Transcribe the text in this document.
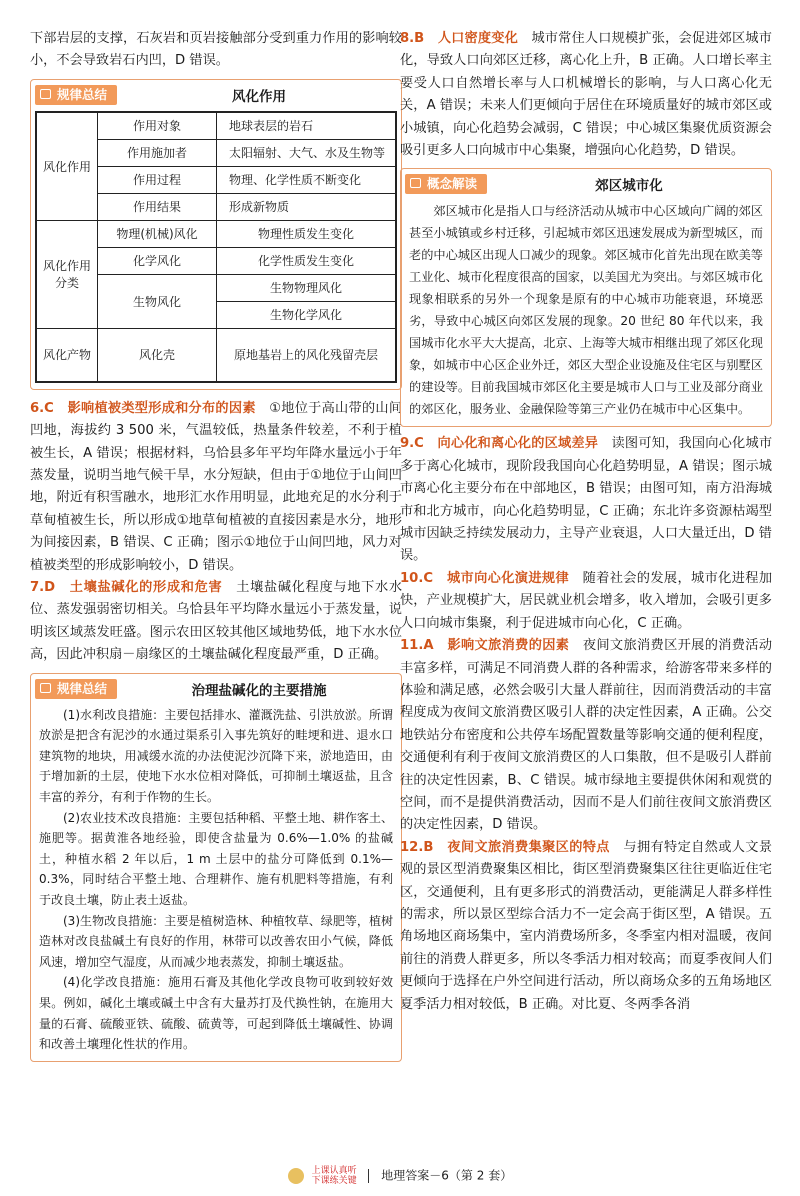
下部岩层的支撑，石灰岩和页岩接触部分受到重力作用的影响较小，不会导致岩石内凹，D 错误。

规律总结	风化作用
风化作用	作用对象	地球表层的岩石
	作用施加者	太阳辐射、大气、水及生物等
	作用过程	物理、化学性质不断变化
	作用结果	形成新物质
风化作用分类	物理(机械)风化	物理性质发生变化
	化学风化	化学性质发生变化
	生物风化	生物物理风化
		生物化学风化
风化产物	风化壳	原地基岩上的风化残留壳层

6.C　 影响植被类型形成和分布的因素　 ①地位于高山带的山间凹地，海拔约 3 500 米，气温较低，热量条件较差，不利于植被生长，A 错误；根据材料，乌恰县多年平均年降水量远小于年蒸发量，说明当地气候干旱，水分短缺，但由于①地位于山间凹地，附近有积雪融水，地形汇水作用明显，此地充足的水分利于草甸植被生长，所以形成①地草甸植被的直接因素是水分，地形为间接因素，B 错误、C 正确；图示①地位于山间凹地，风力对植被类型的形成影响较小，D 错误。

7.D　 土壤盐碱化的形成和危害　 土壤盐碱化程度与地下水水位、蒸发强弱密切相关。乌恰县年平均降水量远小于蒸发量，说明该区域蒸发旺盛。图示农田区较其他区域地势低，地下水水位高，因此冲积扇－扇缘区的土壤盐碱化程度最严重，D 正确。

规律总结	治理盐碱化的主要措施

(1)水利改良措施：主要包括排水、灌溉洗盐、引洪放淤。所谓放淤是把含有泥沙的水通过渠系引入事先筑好的畦埂和进、退水口建筑物的地块，用减缓水流的办法使泥沙沉降下来，淤地造田，由于增加新的土层，使地下水水位相对降低，可抑制土壤返盐，且含丰富的养分，有利于作物的生长。

(2)农业技术改良措施：主要包括种稻、平整土地、耕作客土、施肥等。据黄淮各地经验，即使含盐量为 0.6%—1.0% 的盐碱土，种植水稻 2 年以后，1 m 土层中的盐分可降低到 0.1%—0.3%，同时结合平整土地、合理耕作、施有机肥料等措施，有利于改良土壤，防止表土返盐。

(3)生物改良措施：主要是植树造林、种植牧草、绿肥等，植树造林对改良盐碱土有良好的作用，林带可以改善农田小气候，降低风速，增加空气湿度，从而减少地表蒸发，抑制土壤返盐。

(4)化学改良措施：施用石膏及其他化学改良物可收到较好效果。例如，碱化土壤或碱土中含有大量苏打及代换性钠，在施用大量的石膏、硫酸亚铁、硫酸、硫黄等，可起到降低土壤碱性、协调和改善土壤理化性状的作用。

8.B　 人口密度变化　 城市常住人口规模扩张，会促进郊区城市化，导致人口向郊区迁移，离心化上升，B 正确。人口增长率主要受人口自然增长率与人口机械增长的影响，与人口离心化无关，A 错误；未来人们更倾向于居住在环境质量好的城市郊区或小城镇，向心化趋势会减弱，C 错误；中心城区集聚优质资源会吸引更多人口向城市中心集聚，增强向心化趋势，D 错误。

概念解读	郊区城市化

郊区城市化是指人口与经济活动从城市中心区域向广阔的郊区甚至小城镇或乡村迁移，引起城市郊区迅速发展成为新型城区，而老的中心城区出现人口减少的现象。郊区城市化首先出现在欧美等工业化、城市化程度很高的国家，以美国尤为突出。与郊区城市化现象相联系的另外一个现象是原有的中心城市功能衰退，环境恶劣，导致中心城区向郊区发展的现象。20 世纪 80 年代以来，我国城市化水平大大提高，北京、上海等大城市相继出现了郊区化现象，如城市中心区企业外迁，郊区大型企业设施及住宅区与别墅区的建设等。目前我国城市郊区化主要是城市人口与工业及部分商业的郊区化，服务业、金融保险等第三产业仍在城市中心区集中。

9.C　 向心化和离心化的区域差异　 读图可知，我国向心化城市多于离心化城市，现阶段我国向心化趋势明显，A 错误；图示城市离心化主要分布在中部地区，B 错误；由图可知，南方沿海城市和北方城市，向心化趋势明显，C 正确；东北许多资源枯竭型城市因缺乏持续发展动力，主导产业衰退，人口大量迁出，D 错误。

10.C　 城市向心化演进规律　 随着社会的发展，城市化进程加快，产业规模扩大，居民就业机会增多，收入增加，会吸引更多人口向城市集聚，利于促进城市向心化，C 正确。

11.A　 影响文旅消费的因素　 夜间文旅消费区开展的消费活动丰富多样，可满足不同消费人群的各种需求，给游客带来多样的体验和满足感，必然会吸引大量人群前往，因而消费活动的丰富程度成为夜间文旅消费区吸引人群的决定性因素，A 正确。公交地铁站分布密度和公共停车场配置数量等影响交通的便利程度，交通便利有利于夜间文旅消费区的人口集散，但不是吸引人群前往的决定性因素，B、C 错误。城市绿地主要提供休闲和观赏的空间，而不是提供消费活动，因而不是人们前往夜间文旅消费区的决定性因素，D 错误。

12.B　 夜间文旅消费集聚区的特点　 与拥有特定自然或人文景观的景区型消费聚集区相比，街区型消费聚集区往往更临近住宅区，交通便利，且有更多形式的消费活动，更能满足人群多样性的需求，所以景区型综合活力不一定会高于街区型，A 错误。五角场地区商场集中，室内消费场所多，冬季室内相对温暖，夜间前往的消费人群更多，所以冬季活力相对较高；而夏季夜间人们更倾向于选择在户外空间进行活动，所以商场众多的五角场地区夏季活力相对较低，B 正确。对比夏、冬两季各消

上课认真听
下课练关键 地理答案－6（第 2 套）
